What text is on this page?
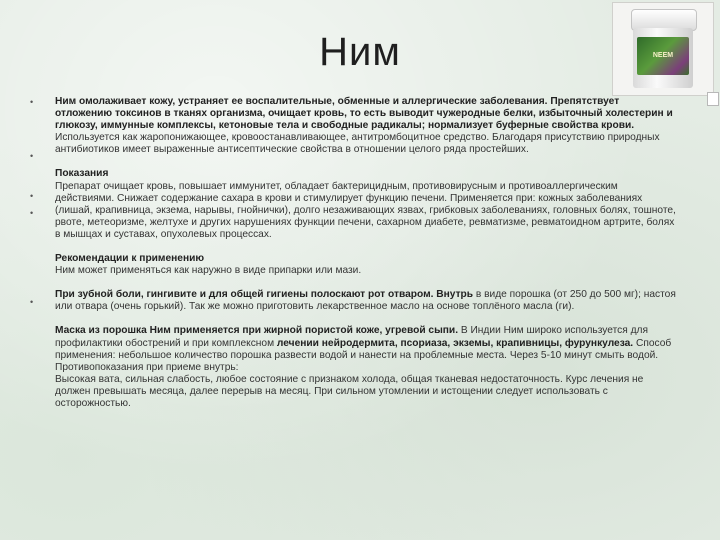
Ним	NEEM
•
•
•
•
•

Ним омолаживает кожу, устраняет ее воспалительные, обменные и аллергические заболевания. Препятствует отложению токсинов в тканях организма, очищает кровь, то есть выводит чужеродные белки, избыточный холестерин и глюкозу, иммунные комплексы, кетоновые тела и свободные радикалы; нормализует буферные свойства крови.

Используется как жаропонижающее, кровоостанавливающее, антитромбоцитное средство. Благодаря присутствию природных антибиотиков имеет выраженные антисептические свойства в отношении целого ряда простейших.

Показания

Препарат очищает кровь, повышает иммунитет, обладает бактерицидным, противовирусным и противоаллергическим действиями. Снижает содержание сахара в крови и стимулирует функцию печени. Применяется при: кожных заболеваниях (лишай, крапивница, экзема, нарывы, гнойнички), долго незаживающих язвах, грибковых заболеваниях, головных болях, тошноте, рвоте, метеоризме, желтухе и других нарушениях функции печени, сахарном диабете, ревматизме, ревматоидном артрите, болях в мышцах и суставах, опухолевых процессах.

Рекомендации к применению

Ним может применяться как наружно в виде припарки или мази.

При зубной боли, гингивите и для общей гигиены полоскают рот отваром. Внутрь в виде порошка (от 250 до 500 мг); настоя или отвара (очень горький). Так же можно приготовить лекарственное масло на основе топлёного масла (ги).

Маска из порошка Ним применяется при жирной пористой коже, угревой сыпи. В Индии Ним широко используется для профилактики обострений и при комплексном лечении нейродермита, псориаза, экземы, крапивницы, фурункулеза. Способ применения: небольшое количество порошка развести водой и нанести на проблемные места. Через 5-10 минут смыть водой.

Противопоказания при приеме внутрь:

Высокая вата, сильная слабость, любое состояние с признаком холода, общая тканевая недостаточность. Курс лечения не должен превышать месяца, далее перерыв на месяц. При сильном утомлении и истощении следует использовать с осторожностью.
